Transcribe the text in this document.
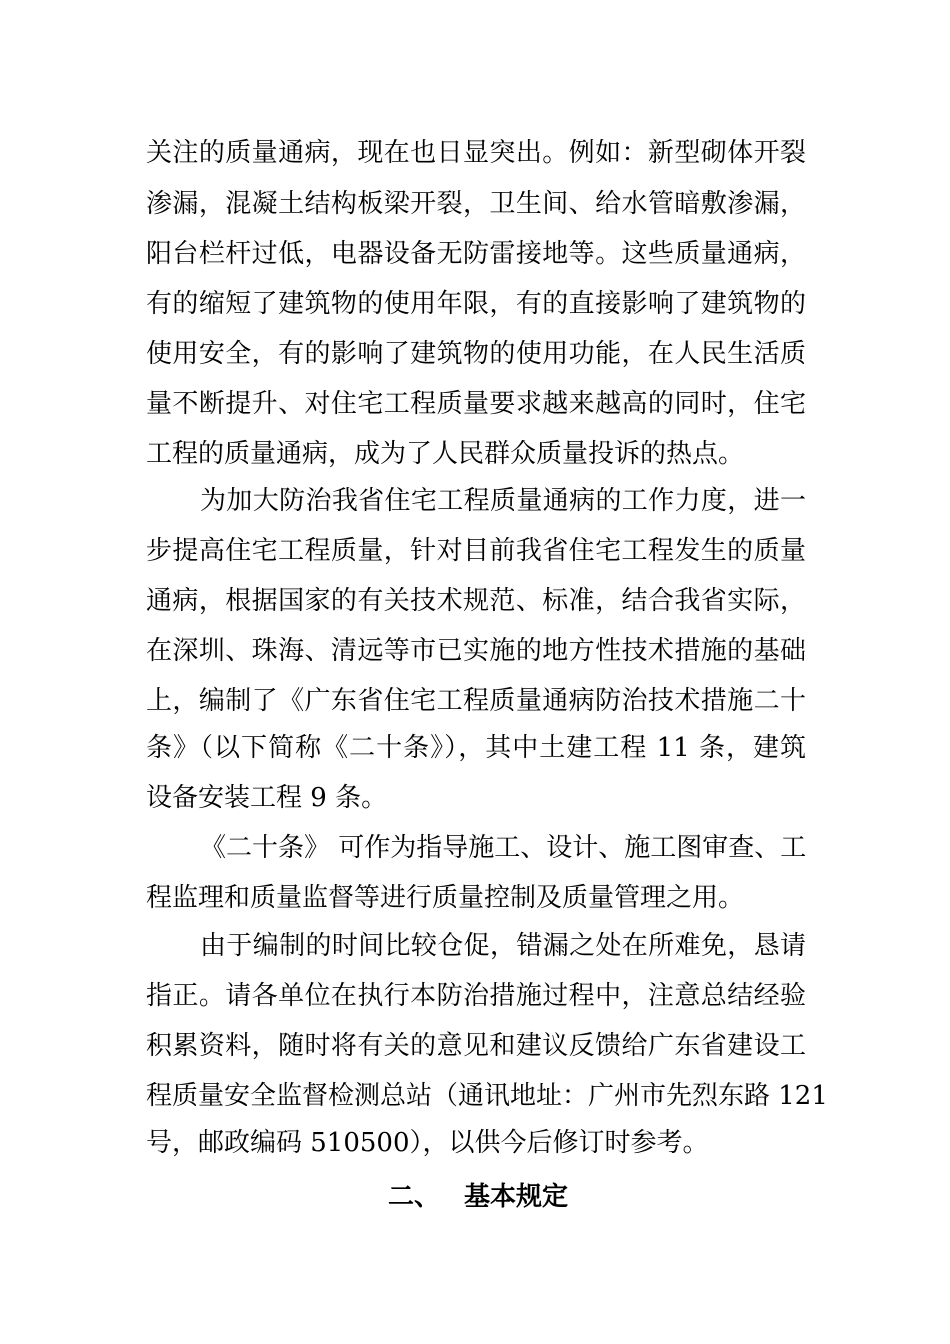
关注的质量通病，现在也日显突出。例如：新型砌体开裂

渗漏，混凝土结构板梁开裂，卫生间、给水管暗敷渗漏，

阳台栏杆过低，电器设备无防雷接地等。这些质量通病，

有的缩短了建筑物的使用年限，有的直接影响了建筑物的

使用安全，有的影响了建筑物的使用功能，在人民生活质

量不断提升、对住宅工程质量要求越来越高的同时，住宅

工程的质量通病，成为了人民群众质量投诉的热点。

为加大防治我省住宅工程质量通病的工作力度，进一

步提高住宅工程质量，针对目前我省住宅工程发生的质量

通病，根据国家的有关技术规范、标准，结合我省实际，

在深圳、珠海、清远等市已实施的地方性技术措施的基础

上，编制了《广东省住宅工程质量通病防治技术措施二十

条》（以下简称《二十条》），其中土建工程 11 条，建筑

设备安装工程 9 条。

《二十条》 可作为指导施工、设计、施工图审查、工

程监理和质量监督等进行质量控制及质量管理之用。

由于编制的时间比较仓促，错漏之处在所难免，恳请

指正。请各单位在执行本防治措施过程中，注意总结经验

积累资料，随时将有关的意见和建议反馈给广东省建设工

程质量安全监督检测总站（通讯地址：广州市先烈东路 121

号，邮政编码 510500），以供今后修订时参考。

二、 基本规定
